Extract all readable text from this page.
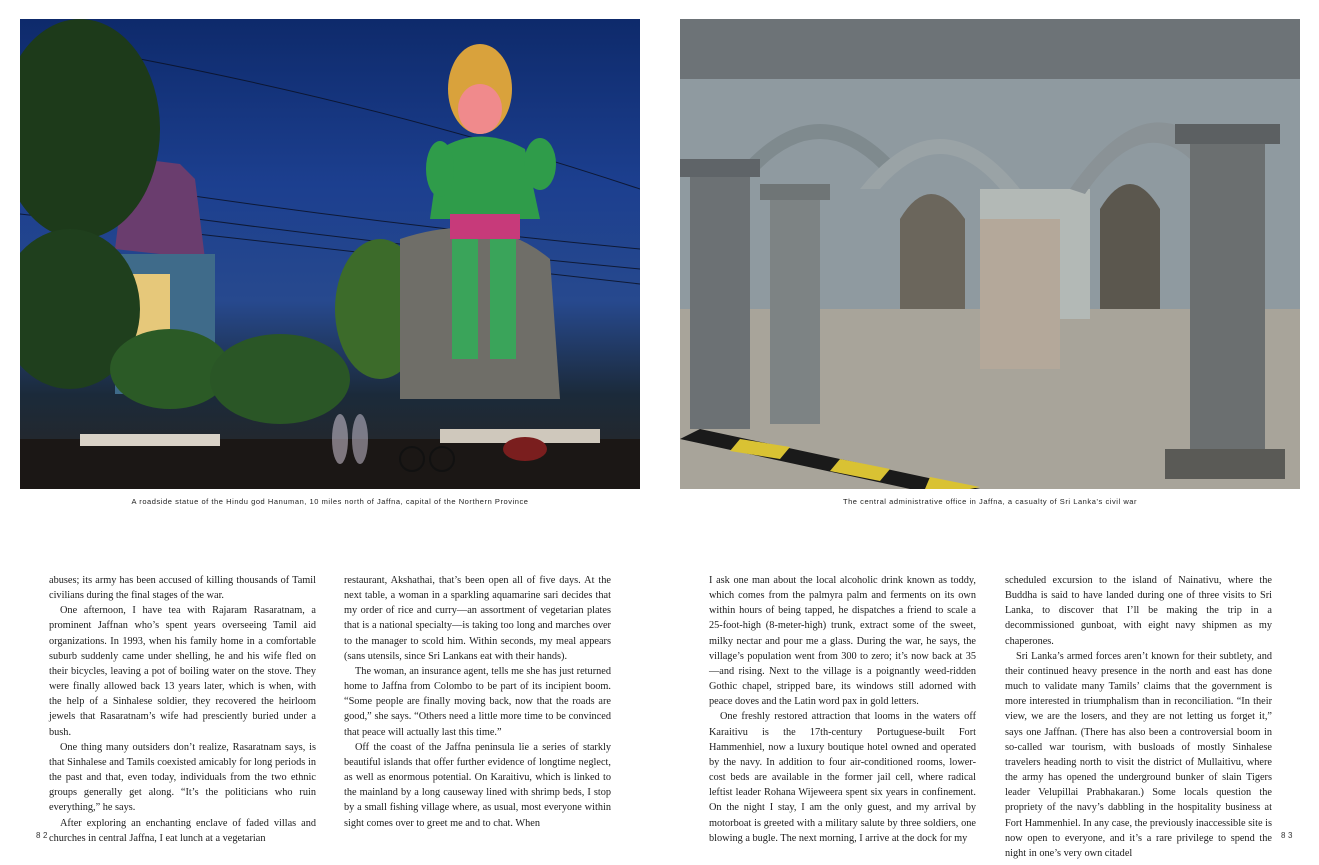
A roadside statue of the Hindu god Hanuman, 10 miles north of Jaffna, capital of the Northern Province	The central administrative office in Jaffna, a casualty of Sri Lanka’s civil war

abuses; its army has been accused of killing thousands of Tamil civilians during the final stages of the war.

One afternoon, I have tea with Rajaram Rasaratnam, a prominent Jaffnan who’s spent years overseeing Tamil aid organizations. In 1993, when his family home in a comfortable suburb suddenly came under shelling, he and his wife fled on their bicycles, leaving a pot of boiling water on the stove. They were finally allowed back 13 years later, which is when, with the help of a Sinhalese soldier, they recovered the heirloom jewels that Rasaratnam’s wife had presciently buried under a bush.

One thing many outsiders don’t realize, Rasaratnam says, is that Sinhalese and Tamils coexisted amicably for long periods in the past and that, even today, individuals from the two ethnic groups generally get along. “It’s the politicians who ruin everything,” he says.

After exploring an enchanting enclave of faded villas and churches in central Jaffna, I eat lunch at a vegetarian

restaurant, Akshathai, that’s been open all of five days. At the next table, a woman in a sparkling aquamarine sari decides that my order of rice and curry—an assortment of vegetarian plates that is a national specialty—is taking too long and marches over to the manager to scold him. Within seconds, my meal appears (sans utensils, since Sri Lankans eat with their hands).

The woman, an insurance agent, tells me she has just returned home to Jaffna from Colombo to be part of its incipient boom. “Some people are finally moving back, now that the roads are good,” she says. “Others need a little more time to be convinced that peace will actually last this time.”

Off the coast of the Jaffna peninsula lie a series of starkly beautiful islands that offer further evidence of longtime neglect, as well as enormous potential. On Karaitivu, which is linked to the mainland by a long causeway lined with shrimp beds, I stop by a small fishing village where, as usual, most everyone within sight comes over to greet me and to chat. When

I ask one man about the local alcoholic drink known as toddy, which comes from the palmyra palm and ferments on its own within hours of being tapped, he dispatches a friend to scale a 25-foot-high (8-meter-high) trunk, extract some of the sweet, milky nectar and pour me a glass. During the war, he says, the village’s population went from 300 to zero; it’s now back at 35—and rising. Next to the village is a poignantly weed-ridden Gothic chapel, stripped bare, its windows still adorned with peace doves and the Latin word pax in gold letters.

One freshly restored attraction that looms in the waters off Karaitivu is the 17th-century Portuguese-built Fort Hammenhiel, now a luxury boutique hotel owned and operated by the navy. In addition to four air-conditioned rooms, lower-cost beds are available in the former jail cell, where radical leftist leader Rohana Wijeweera spent six years in confinement. On the night I stay, I am the only guest, and my arrival by motorboat is greeted with a military salute by three soldiers, one blowing a bugle. The next morning, I arrive at the dock for my

scheduled excursion to the island of Nainativu, where the Buddha is said to have landed during one of three visits to Sri Lanka, to discover that I’ll be making the trip in a decommissioned gunboat, with eight navy shipmen as my chaperones.

Sri Lanka’s armed forces aren’t known for their subtlety, and their continued heavy presence in the north and east has done much to validate many Tamils’ claims that the government is more interested in triumphalism than in reconciliation. “In their view, we are the losers, and they are not letting us forget it,” says one Jaffnan. (There has also been a controversial boom in so-called war tourism, with busloads of mostly Sinhalese travelers heading north to visit the district of Mullaitivu, where the army has opened the underground bunker of slain Tigers leader Velupillai Prabhakaran.) Some locals question the propriety of the navy’s dabbling in the hospitality business at Fort Hammenhiel. In any case, the previously inaccessible site is now open to everyone, and it’s a rare privilege to spend the night in one’s very own citadel

82	83
